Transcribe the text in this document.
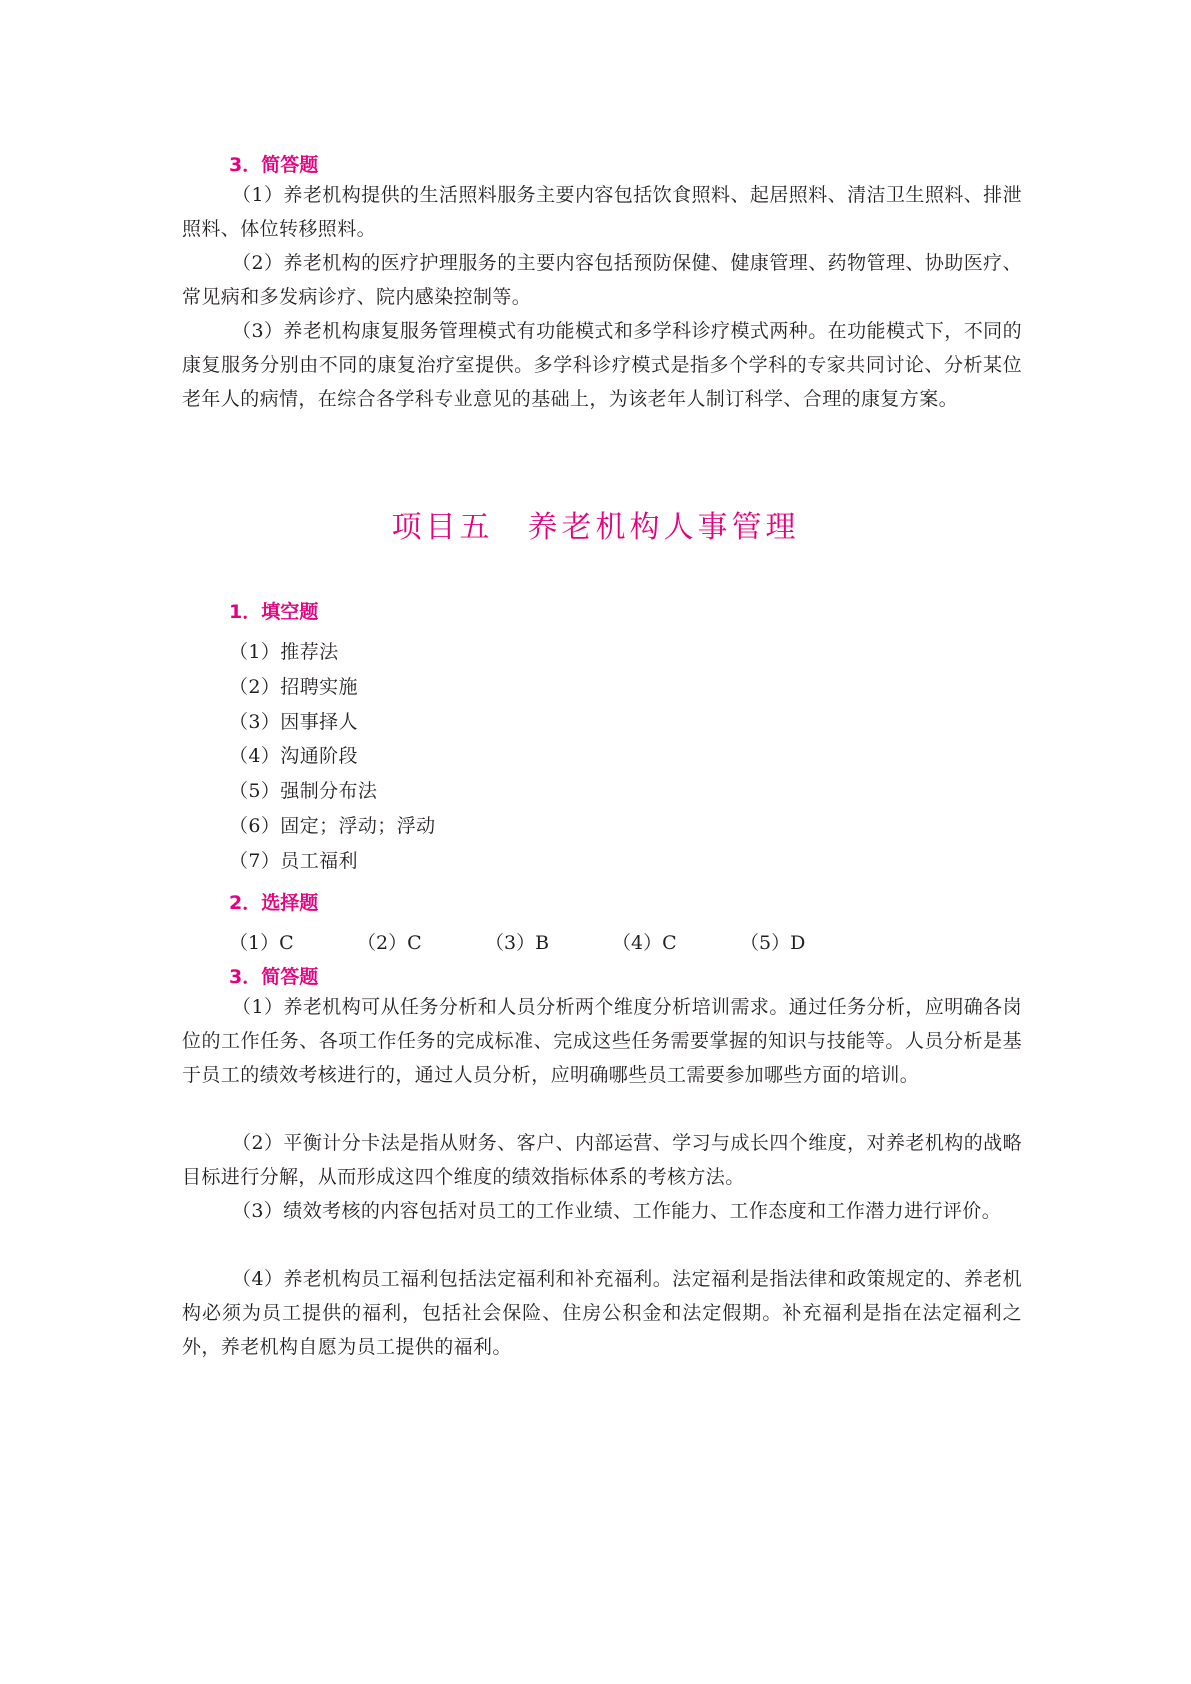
3．简答题
（1）养老机构提供的生活照料服务主要内容包括饮食照料、起居照料、清洁卫生照料、排泄照料、体位转移照料。
（2）养老机构的医疗护理服务的主要内容包括预防保健、健康管理、药物管理、协助医疗、常见病和多发病诊疗、院内感染控制等。
（3）养老机构康复服务管理模式有功能模式和多学科诊疗模式两种。在功能模式下，不同的康复服务分别由不同的康复治疗室提供。多学科诊疗模式是指多个学科的专家共同讨论、分析某位老年人的病情，在综合各学科专业意见的基础上，为该老年人制订科学、合理的康复方案。
项目五　养老机构人事管理
1．填空题
（1）推荐法
（2）招聘实施
（3）因事择人
（4）沟通阶段
（5）强制分布法
（6）固定；浮动；浮动
（7）员工福利
2．选择题
（1）C	（2）C	（3）B	（4）C	（5）D
3．简答题
（1）养老机构可从任务分析和人员分析两个维度分析培训需求。通过任务分析，应明确各岗位的工作任务、各项工作任务的完成标准、完成这些任务需要掌握的知识与技能等。人员分析是基于员工的绩效考核进行的，通过人员分析，应明确哪些员工需要参加哪些方面的培训。
（2）平衡计分卡法是指从财务、客户、内部运营、学习与成长四个维度，对养老机构的战略目标进行分解，从而形成这四个维度的绩效指标体系的考核方法。
（3）绩效考核的内容包括对员工的工作业绩、工作能力、工作态度和工作潜力进行评价。
（4）养老机构员工福利包括法定福利和补充福利。法定福利是指法律和政策规定的、养老机构必须为员工提供的福利，包括社会保险、住房公积金和法定假期。补充福利是指在法定福利之外，养老机构自愿为员工提供的福利。
